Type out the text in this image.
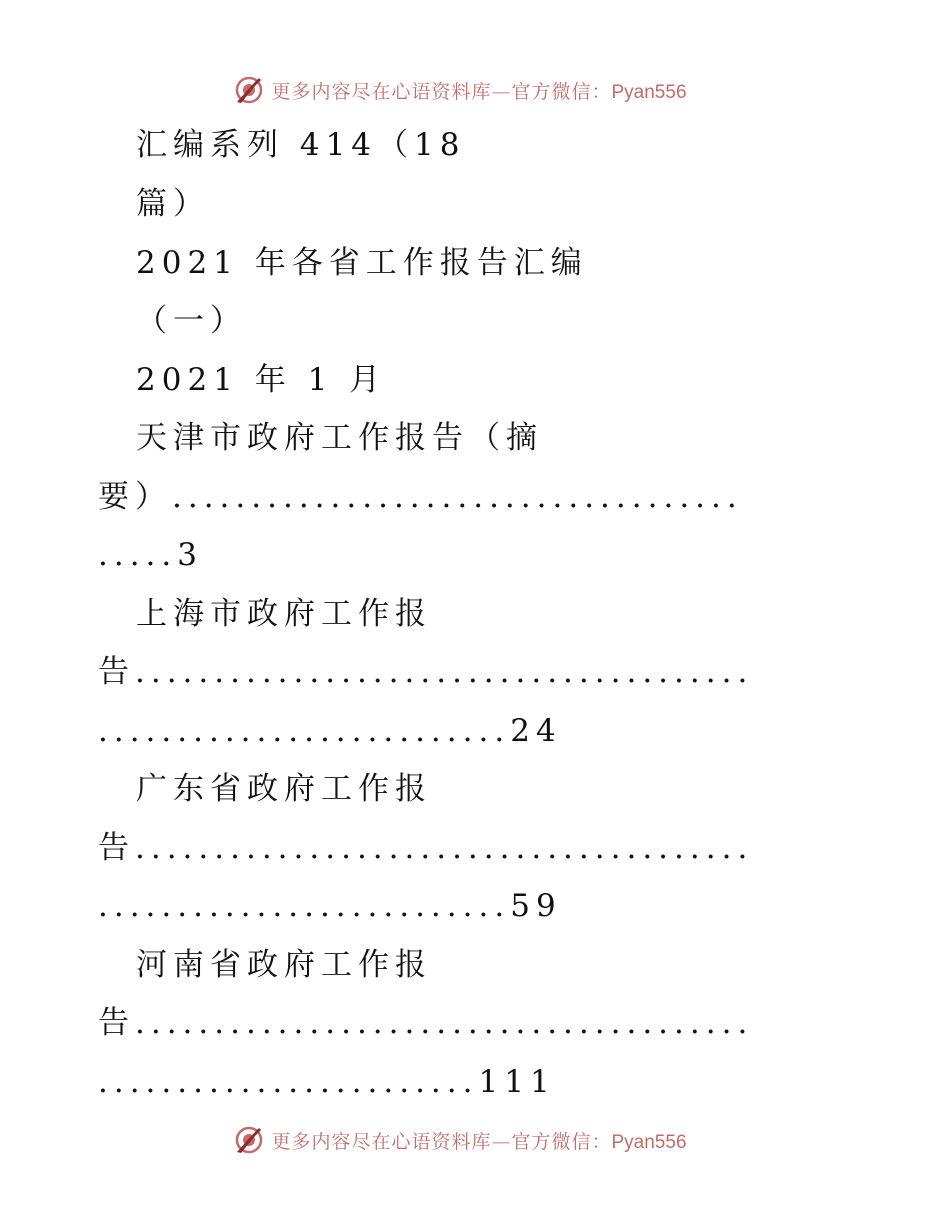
更多内容尽在心语资料库—官方微信：Pyan556
汇编系列 414（18
篇）
2021 年各省工作报告汇编
（一）
2021 年 1 月
天津市政府工作报告（摘
要）....................................
.....3
上海市政府工作报
告.......................................
..........................24
广东省政府工作报
告.......................................
..........................59
河南省政府工作报
告.......................................
........................111
更多内容尽在心语资料库—官方微信：Pyan556
